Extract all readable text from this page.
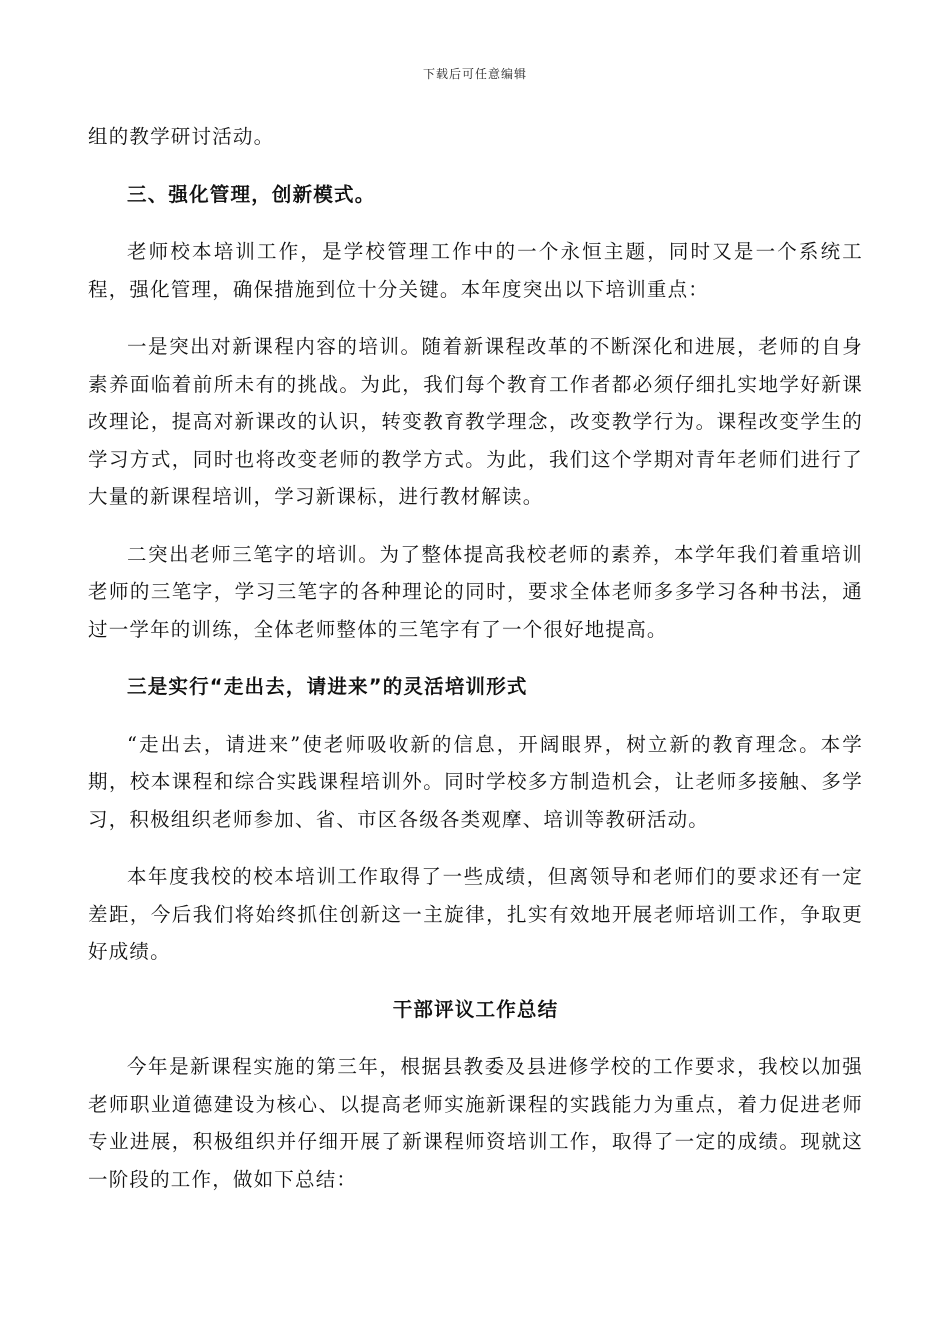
下载后可任意编辑

组的教学研讨活动。

三、强化管理，创新模式。

老师校本培训工作，是学校管理工作中的一个永恒主题，同时又是一个系统工程，强化管理，确保措施到位十分关键。本年度突出以下培训重点：

一是突出对新课程内容的培训。随着新课程改革的不断深化和进展，老师的自身素养面临着前所未有的挑战。为此，我们每个教育工作者都必须仔细扎实地学好新课改理论，提高对新课改的认识，转变教育教学理念，改变教学行为。课程改变学生的学习方式，同时也将改变老师的教学方式。为此，我们这个学期对青年老师们进行了大量的新课程培训，学习新课标，进行教材解读。

二突出老师三笔字的培训。为了整体提高我校老师的素养，本学年我们着重培训老师的三笔字，学习三笔字的各种理论的同时，要求全体老师多多学习各种书法，通过一学年的训练，全体老师整体的三笔字有了一个很好地提高。

三是实行“走出去，请进来”的灵活培训形式

“走出去，请进来”使老师吸收新的信息，开阔眼界，树立新的教育理念。本学期，校本课程和综合实践课程培训外。同时学校多方制造机会，让老师多接触、多学习，积极组织老师参加、省、市区各级各类观摩、培训等教研活动。

本年度我校的校本培训工作取得了一些成绩，但离领导和老师们的要求还有一定差距，今后我们将始终抓住创新这一主旋律，扎实有效地开展老师培训工作，争取更好成绩。

干部评议工作总结

今年是新课程实施的第三年，根据县教委及县进修学校的工作要求，我校以加强老师职业道德建设为核心、以提高老师实施新课程的实践能力为重点，着力促进老师专业进展，积极组织并仔细开展了新课程师资培训工作，取得了一定的成绩。现就这一阶段的工作，做如下总结：
